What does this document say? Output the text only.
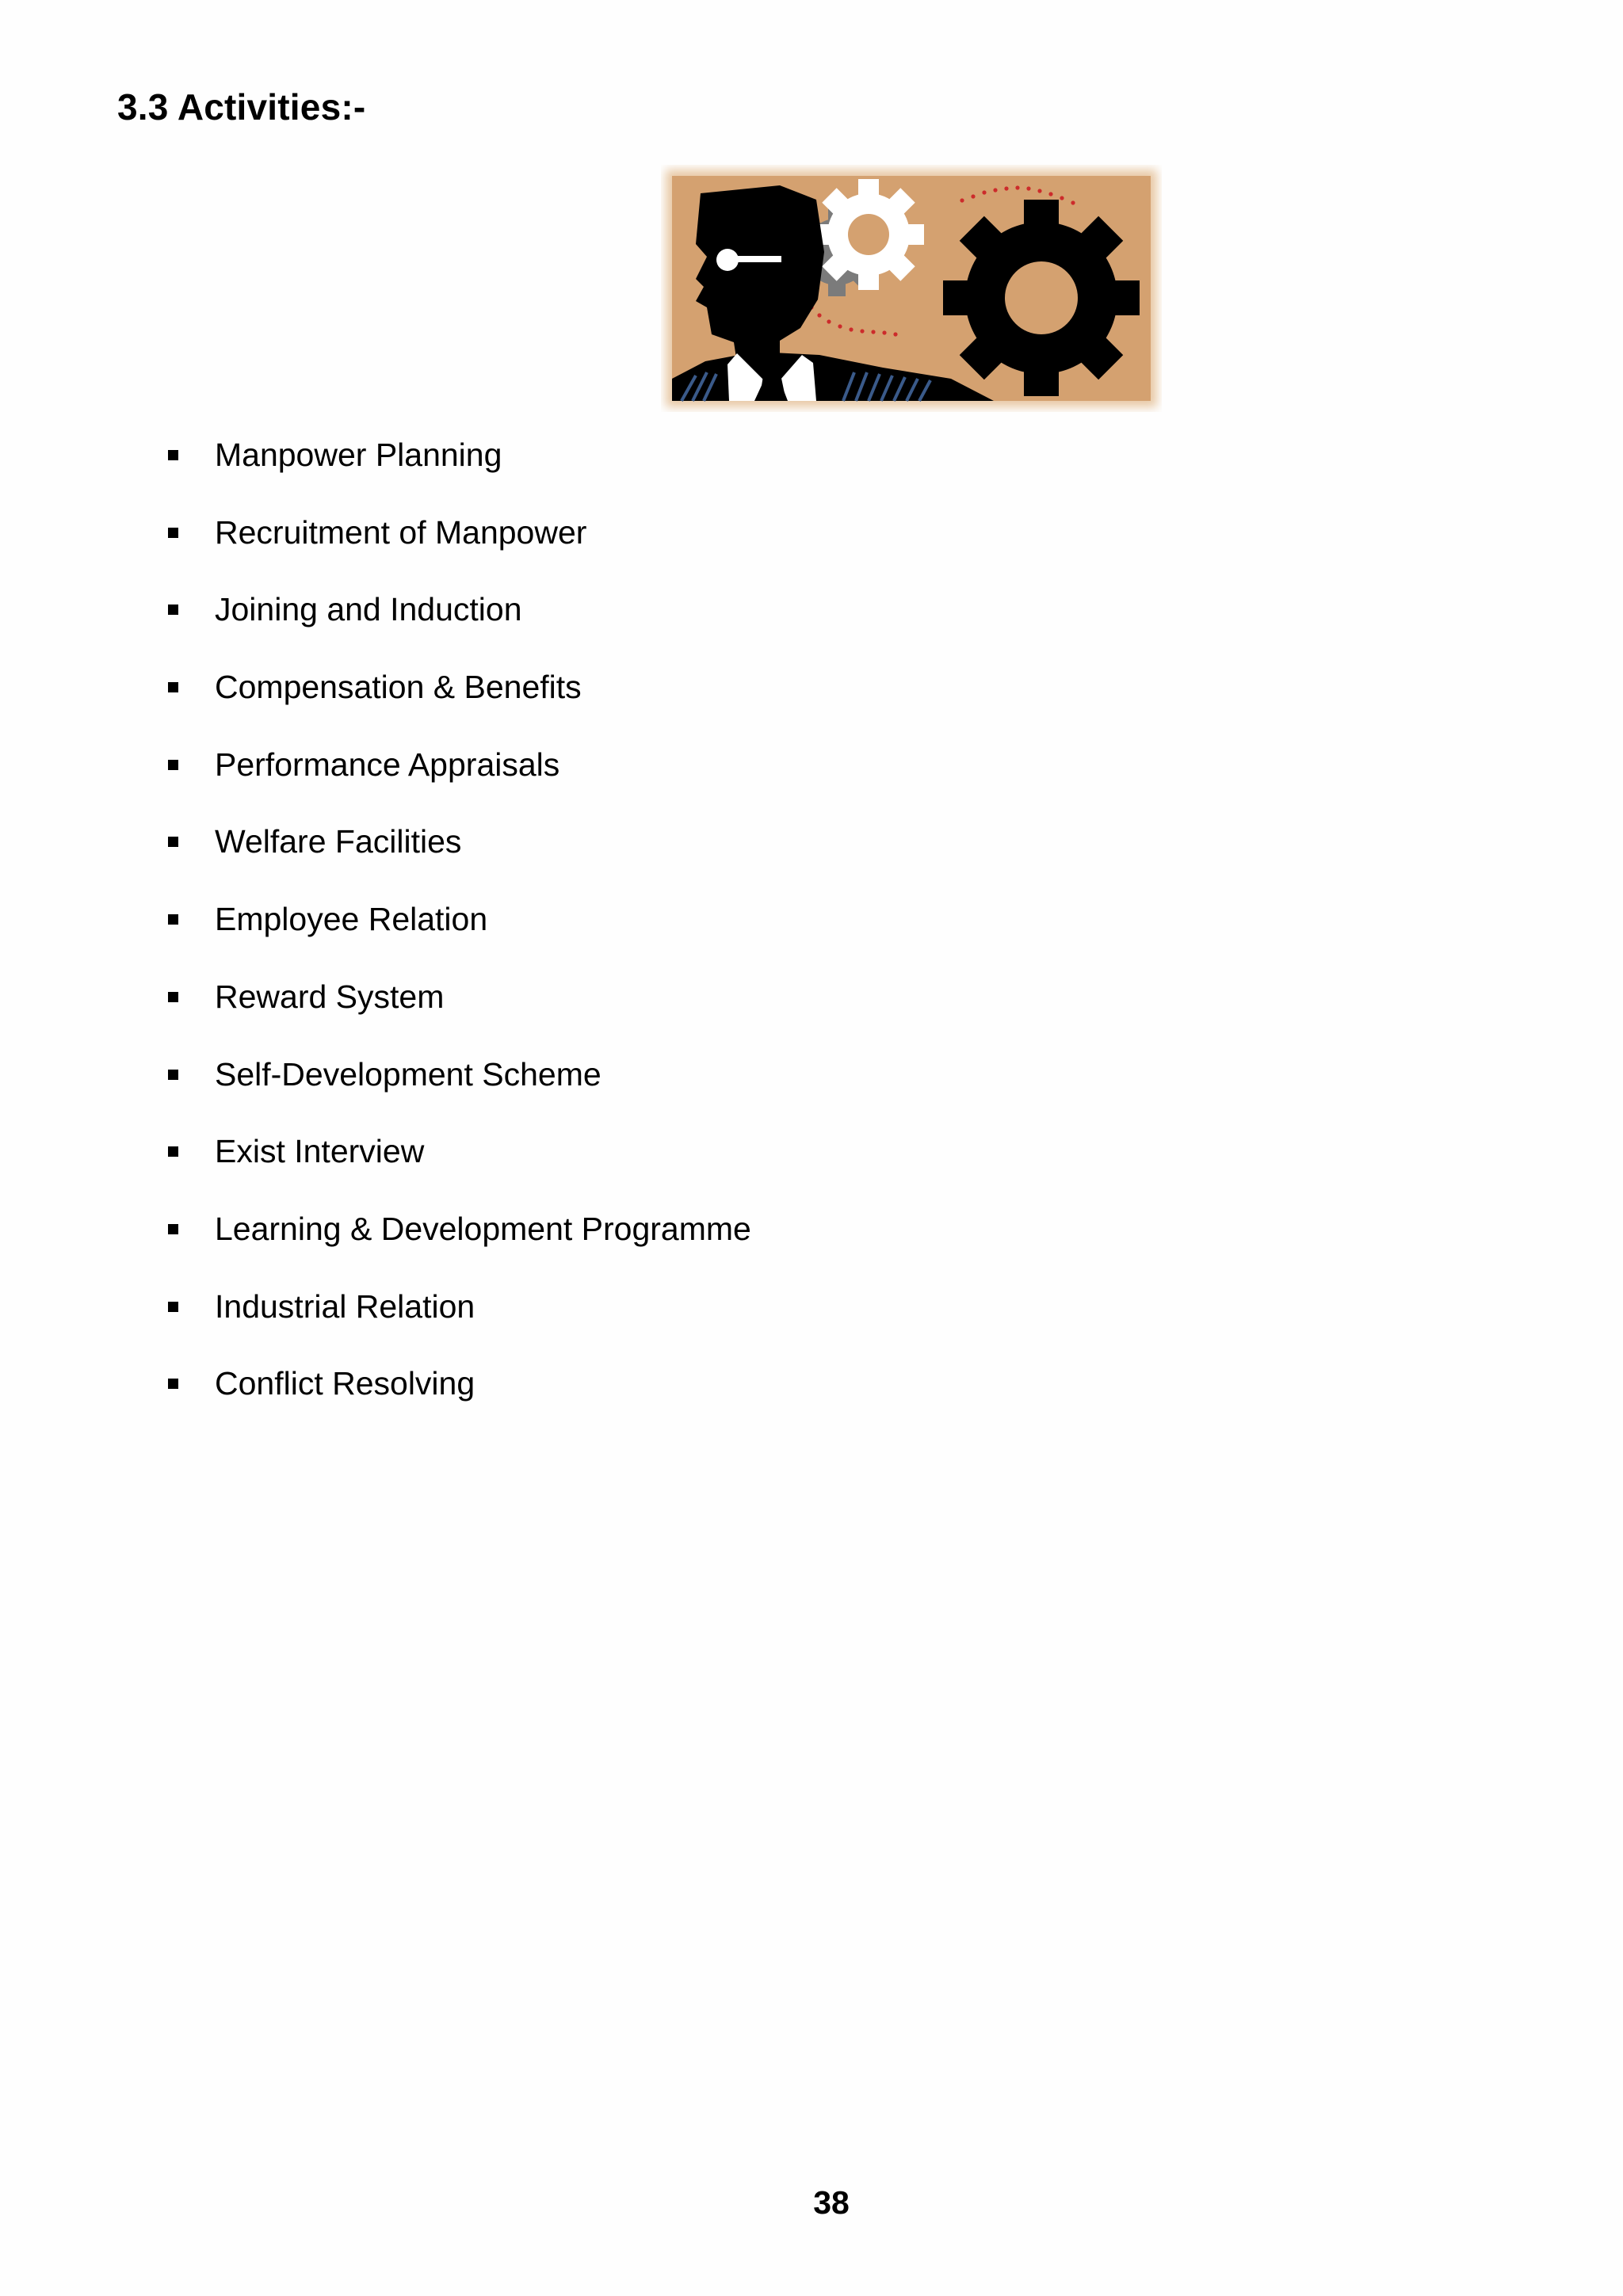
3.3 Activities:-
Manpower Planning
Recruitment of Manpower
Joining and Induction
Compensation & Benefits
Performance Appraisals
Welfare Facilities
Employee Relation
Reward System
Self-Development Scheme
Exist Interview
Learning & Development Programme
Industrial Relation
Conflict Resolving
38
